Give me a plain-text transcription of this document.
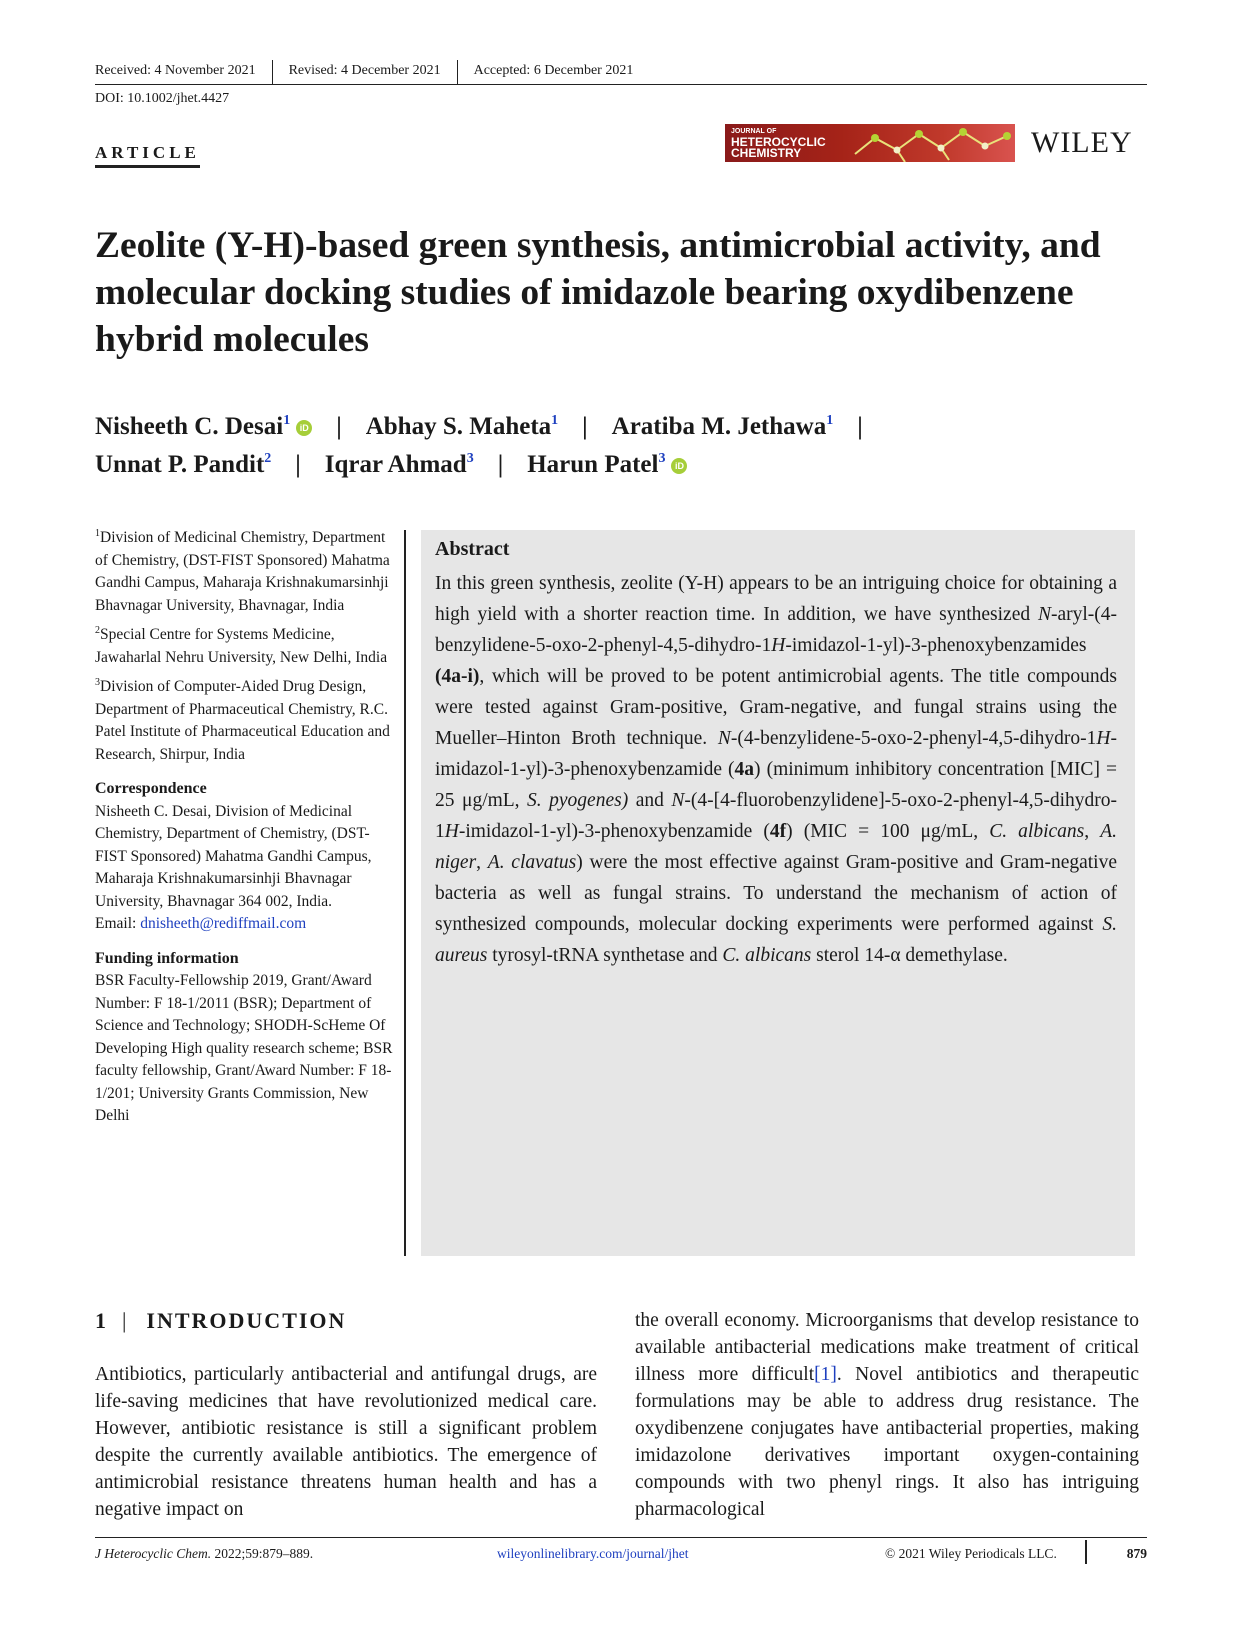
Received: 4 November 2021	Revised: 4 December 2021	Accepted: 6 December 2021
DOI: 10.1002/jhet.4427
ARTICLE
JOURNAL OF
HETEROCYCLIC
CHEMISTRY	WILEY
Zeolite (Y-H)-based green synthesis, antimicrobial activity, and molecular docking studies of imidazole bearing oxydibenzene hybrid molecules
Nisheeth C. Desai$^1$ iD | Abhay S. Maheta$^1$ | Aratiba M. Jethawa$^1$ |
Unnat P. Pandit$^2$ | Iqrar Ahmad$^3$ | Harun Patel$^3$ iD

$^1$Division of Medicinal Chemistry, Department of Chemistry, (DST-FIST Sponsored) Mahatma Gandhi Campus, Maharaja Krishnakumarsinhji Bhavnagar University, Bhavnagar, India

$^2$Special Centre for Systems Medicine, Jawaharlal Nehru University, New Delhi, India

$^3$Division of Computer-Aided Drug Design, Department of Pharmaceutical Chemistry, R.C. Patel Institute of Pharmaceutical Education and Research, Shirpur, India

Correspondence

Nisheeth C. Desai, Division of Medicinal Chemistry, Department of Chemistry, (DST-FIST Sponsored) Mahatma Gandhi Campus, Maharaja Krishnakumarsinhji Bhavnagar University, Bhavnagar 364 002, India.
Email: dnisheeth@rediffmail.com

Funding information

BSR Faculty-Fellowship 2019, Grant/Award Number: F 18-1/2011 (BSR); Department of Science and Technology; SHODH-ScHeme Of Developing High quality research scheme; BSR faculty fellowship, Grant/Award Number: F 18-1/201; University Grants Commission, New Delhi

Abstract

In this green synthesis, zeolite (Y-H) appears to be an intriguing choice for obtaining a high yield with a shorter reaction time. In addition, we have synthesized N-aryl-(4-benzylidene-5-oxo-2-phenyl-4,5-dihydro-1H-imidazol-1-yl)-3-phenoxybenzamides (4a-i), which will be proved to be potent antimicrobial agents. The title compounds were tested against Gram-positive, Gram-negative, and fungal strains using the Mueller–Hinton Broth technique. N-(4-benzylidene-5-oxo-2-phenyl-4,5-dihydro-1H-imidazol-1-yl)-3-phenoxybenzamide (4a) (minimum inhibitory concentration [MIC] = 25 μg/mL, S. pyogenes) and N-(4-[4-fluorobenzylidene]-5-oxo-2-phenyl-4,5-dihydro-1H-imidazol-1-yl)-3-phenoxybenzamide (4f) (MIC = 100 μg/mL, C. albicans, A. niger, A. clavatus) were the most effective against Gram-positive and Gram-negative bacteria as well as fungal strains. To understand the mechanism of action of synthesized compounds, molecular docking experiments were performed against S. aureus tyrosyl-tRNA synthetase and C. albicans sterol 14-α demethylase.

1 | INTRODUCTION

Antibiotics, particularly antibacterial and antifungal drugs, are life-saving medicines that have revolutionized medical care. However, antibiotic resistance is still a significant problem despite the currently available antibiotics. The emergence of antimicrobial resistance threatens human health and has a negative impact on

the overall economy. Microorganisms that develop resistance to available antibacterial medications make treatment of critical illness more difficult[1]. Novel antibiotics and therapeutic formulations may be able to address drug resistance. The oxydibenzene conjugates have antibacterial properties, making imidazolone derivatives important oxygen-containing compounds with two phenyl rings. It also has intriguing pharmacological

J Heterocyclic Chem. 2022;59:879–889.	wileyonlinelibrary.com/journal/jhet	© 2021 Wiley Periodicals LLC.	879
